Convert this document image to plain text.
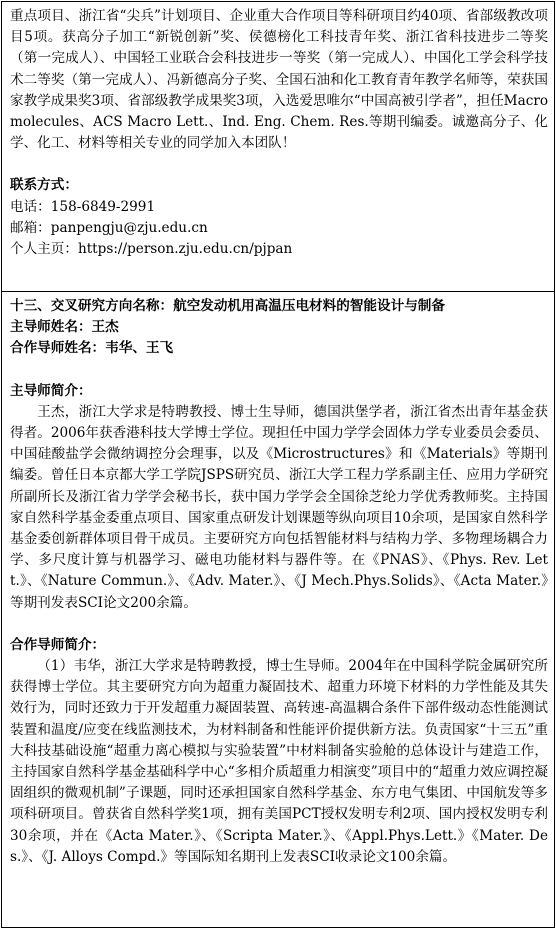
重点项目、浙江省“尖兵”计划项目、企业重大合作项目等科研项目约40项、省部级教改项目5项。获高分子加工“新锐创新”奖、侯德榜化工科技青年奖、浙江省科技进步二等奖（第一完成人）、中国轻工业联合会科技进步一等奖（第一完成人）、中国化工学会科学技术二等奖（第一完成人）、冯新德高分子奖、全国石油和化工教育青年教学名师等，荣获国家教学成果奖3项、省部级教学成果奖3项，入选爱思唯尔“中国高被引学者”，担任Macromolecules、ACS Macro Lett.、Ind. Eng. Chem. Res.等期刊编委。诚邀高分子、化学、化工、材料等相关专业的同学加入本团队！

联系方式：

电话：158-6849-2991

邮箱：panpengju@zju.edu.cn

个人主页：https://person.zju.edu.cn/pjpan

十三、交叉研究方向名称：航空发动机用高温压电材料的智能设计与制备

主导师姓名：王杰

合作导师姓名：韦华、王飞

主导师简介：

王杰，浙江大学求是特聘教授、博士生导师，德国洪堡学者，浙江省杰出青年基金获得者。2006年获香港科技大学博士学位。现担任中国力学学会固体力学专业委员会委员、中国硅酸盐学会微纳调控分会理事，以及《Microstructures》和《Materials》等期刊编委。曾任日本京都大学工学院JSPS研究员、浙江大学工程力学系副主任、应用力学研究所副所长及浙江省力学学会秘书长，获中国力学学会全国徐芝纶力学优秀教师奖。主持国家自然科学基金委重点项目、国家重点研发计划课题等纵向项目10余项，是国家自然科学基金委创新群体项目骨干成员。主要研究方向包括智能材料与结构力学、多物理场耦合力学、多尺度计算与机器学习、磁电功能材料与器件等。在《PNAS》、《Phys. Rev. Lett.》、《Nature Commun.》、《Adv. Mater.》、《J Mech.Phys.Solids》、《Acta Mater.》等期刊发表SCI论文200余篇。

合作导师简介：

（1）韦华，浙江大学求是特聘教授，博士生导师。2004年在中国科学院金属研究所获得博士学位。其主要研究方向为超重力凝固技术、超重力环境下材料的力学性能及其失效行为，同时还致力于开发超重力凝固装置、高转速-高温耦合条件下部件级动态性能测试装置和温度/应变在线监测技术，为材料制备和性能评价提供新方法。负责国家“十三五”重大科技基础设施“超重力离心模拟与实验装置”中材料制备实验舱的总体设计与建造工作，主持国家自然科学基金基础科学中心“多相介质超重力相演变”项目中的“超重力效应调控凝固组织的微观机制”子课题，同时还承担国家自然科学基金、东方电气集团、中国航发等多项科研项目。曾获省自然科学奖1项，拥有美国PCT授权发明专利2项、国内授权发明专利30余项，并在《Acta Mater.》、《Scripta Mater.》、《Appl.Phys.Lett.》《Mater. Des.》、《J. Alloys Compd.》等国际知名期刊上发表SCI收录论文100余篇。
